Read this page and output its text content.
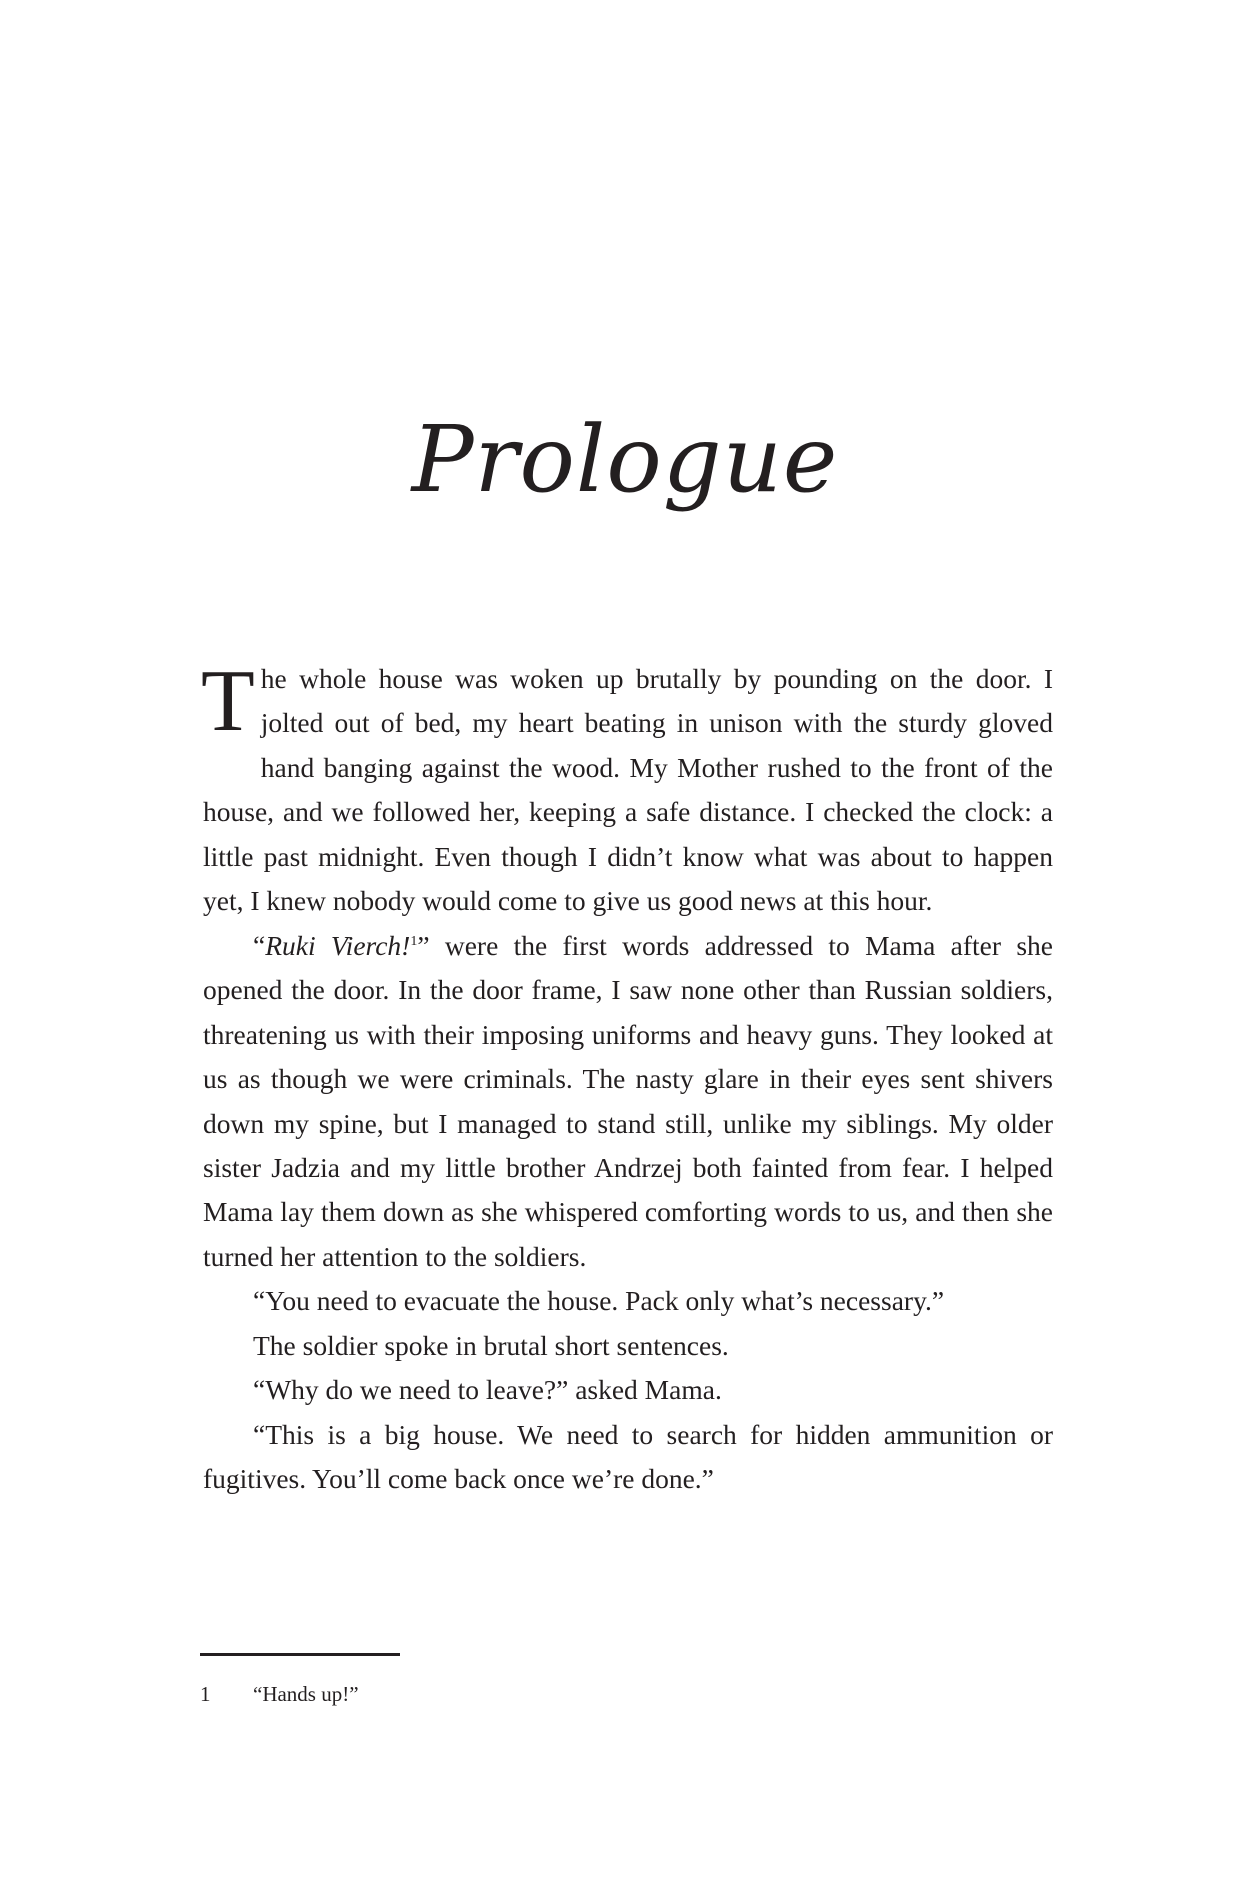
Prologue

The whole house was woken up brutally by pounding on the door. I jolted out of bed, my heart beating in unison with the sturdy gloved hand banging against the wood. My Mother rushed to the front of the house, and we followed her, keeping a safe distance. I checked the clock: a little past midnight. Even though I didn’t know what was about to happen yet, I knew nobody would come to give us good news at this hour.

“Ruki Vierch!$^1$” were the first words addressed to Mama after she opened the door. In the door frame, I saw none other than Russian soldiers, threatening us with their imposing uniforms and heavy guns. They looked at us as though we were criminals. The nasty glare in their eyes sent shivers down my spine, but I managed to stand still, unlike my siblings. My older sister Jadzia and my little brother Andrzej both fainted from fear. I helped Mama lay them down as she whispered comforting words to us, and then she turned her attention to the soldiers.

“You need to evacuate the house. Pack only what’s necessary.”

The soldier spoke in brutal short sentences.

“Why do we need to leave?” asked Mama.

“This is a big house. We need to search for hidden ammunition or fugitives. You’ll come back once we’re done.”

1	“Hands up!”
